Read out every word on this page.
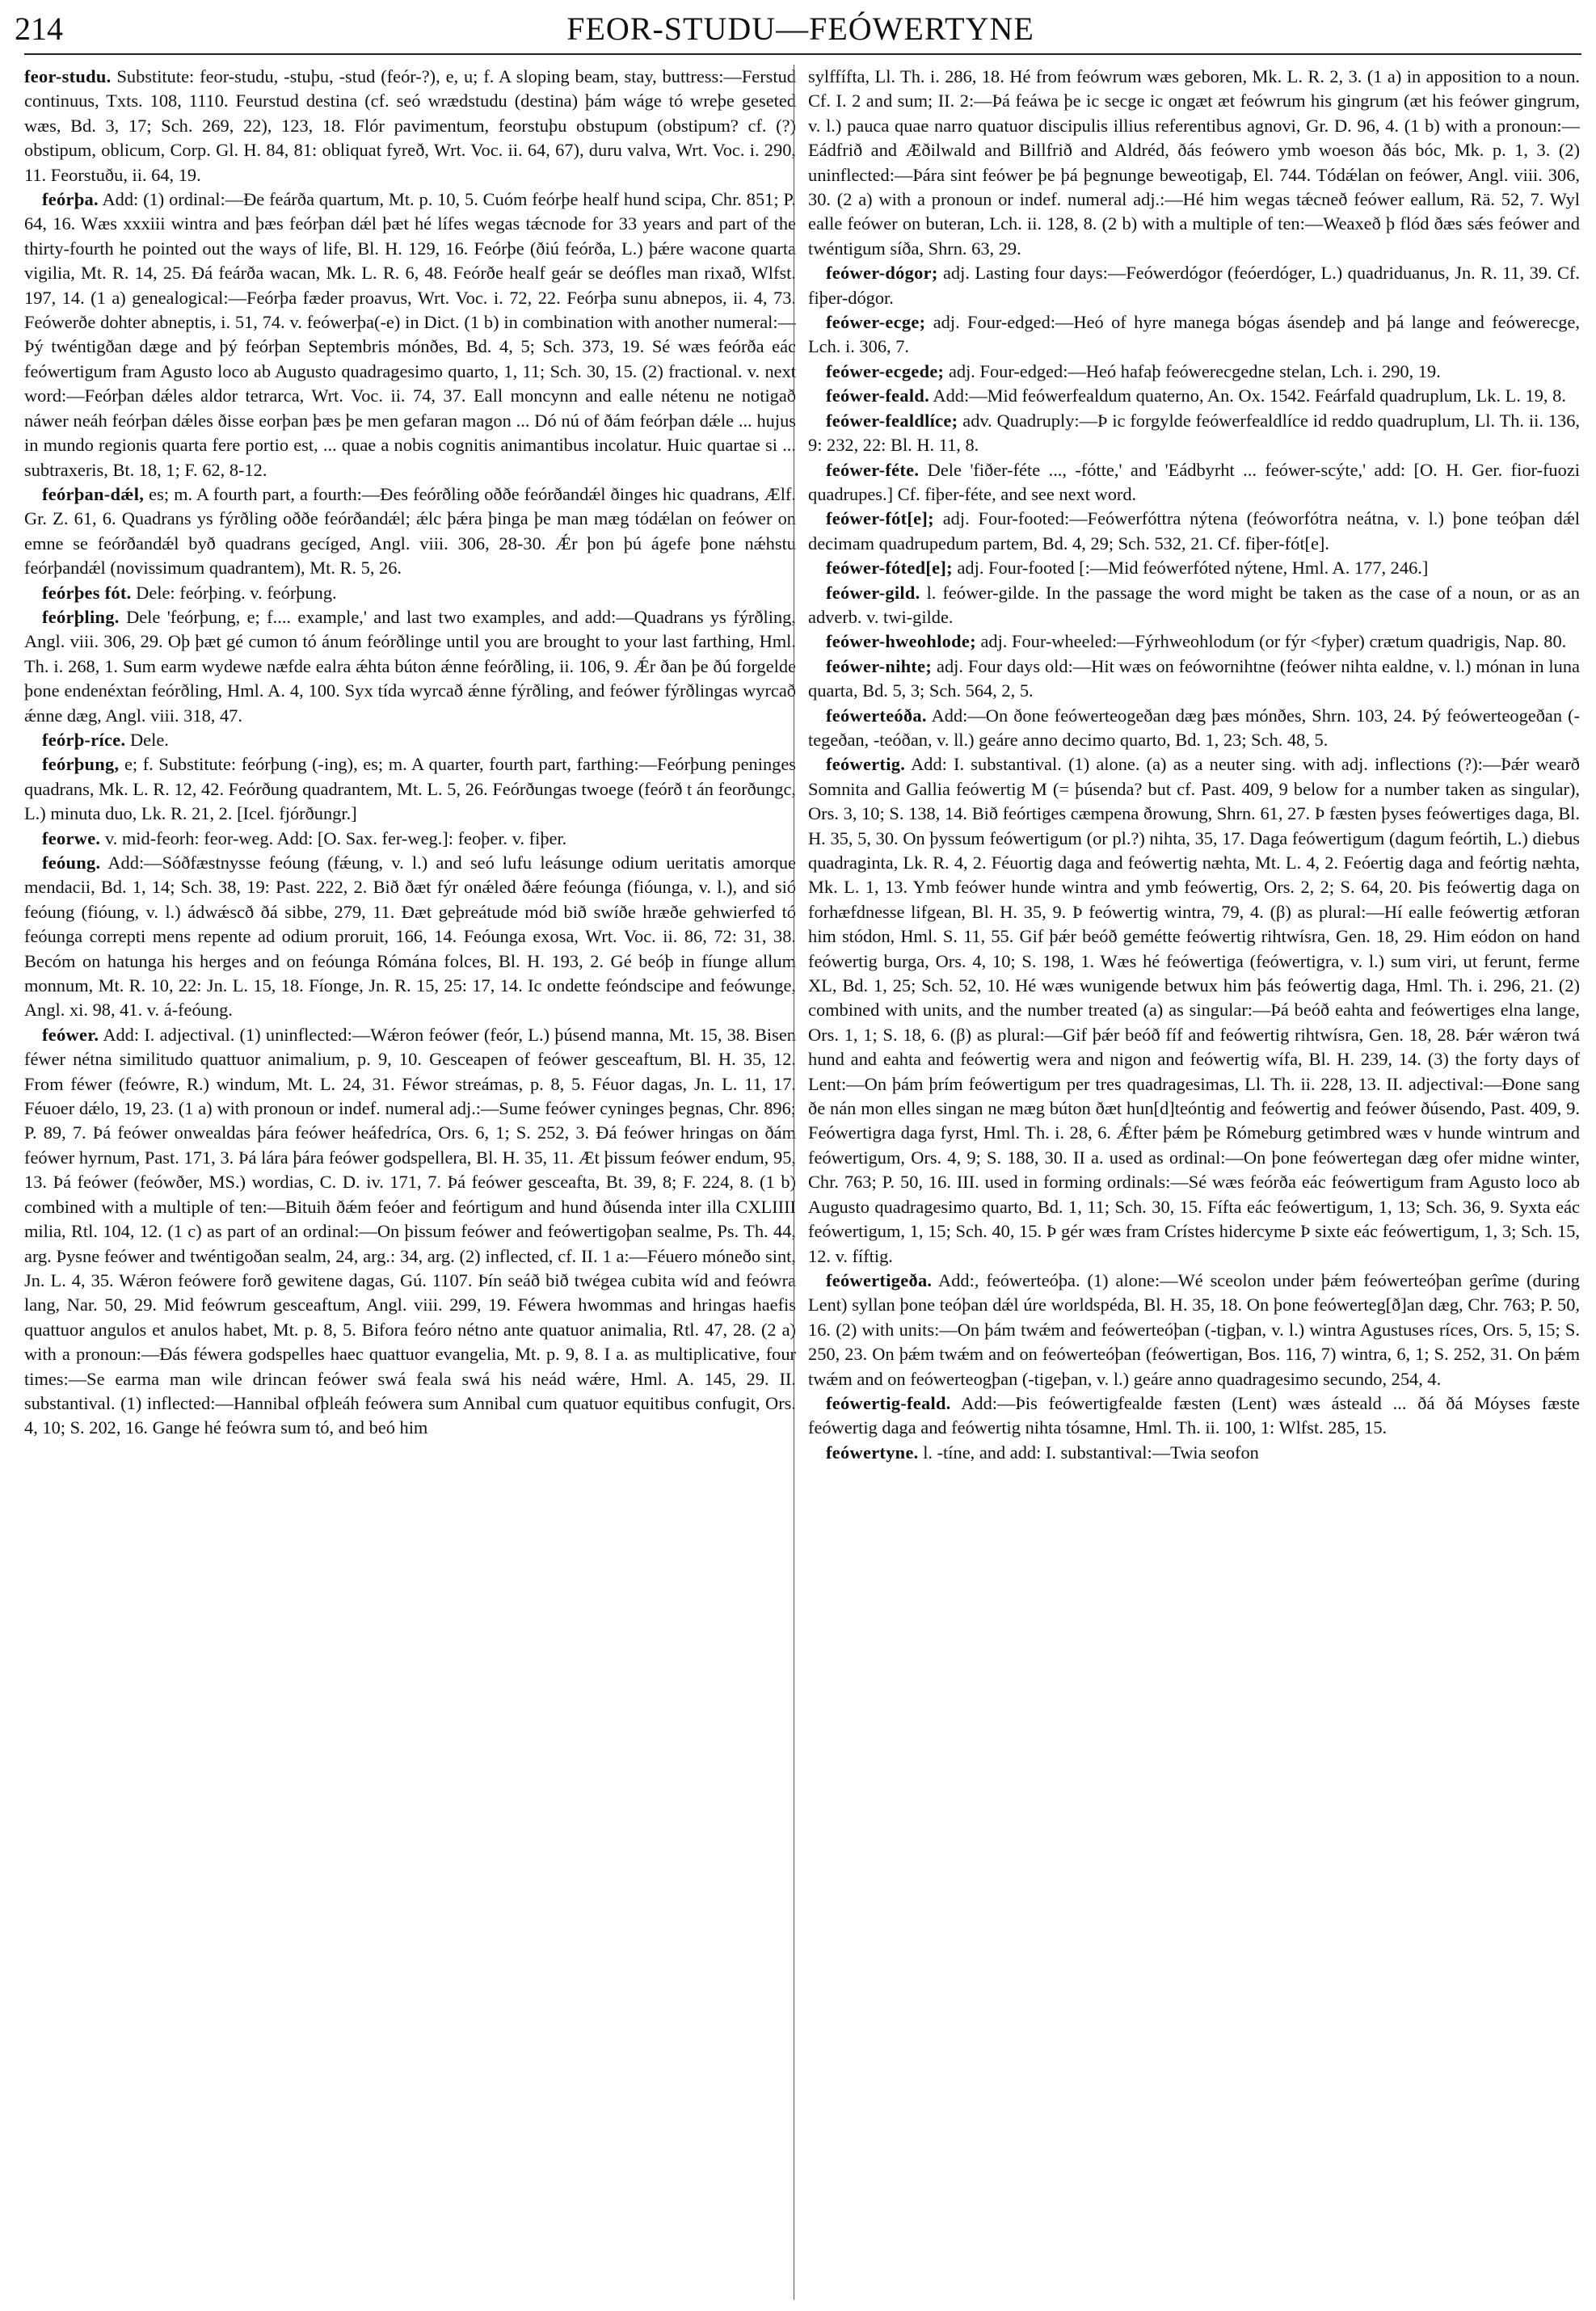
214	FEOR-STUDU—FEÓWERTYNE

feor-studu. Substitute: feor-studu, -stuþu, -stud (feór-?), e, u; f. A sloping beam, stay, buttress:—Ferstud continuus, Txts. 108, 1110. Feurstud destina (cf. seó wrædstudu (destina) þám wáge tó wreþe geseted wæs, Bd. 3, 17; Sch. 269, 22), 123, 18. Flór pavimentum, feorstuþu obstupum (obstipum? cf. (?) obstipum, oblicum, Corp. Gl. H. 84, 81: obliquat fyreð, Wrt. Voc. ii. 64, 67), duru valva, Wrt. Voc. i. 290, 11. Feorstuðu, ii. 64, 19.

feórþa. Add: (1) ordinal:—Ðe feárða quartum, Mt. p. 10, 5. Cuóm feórþe healf hund scipa, Chr. 851; P. 64, 16. Wæs xxxiii wintra and þæs feórþan dǽl þæt hé lífes wegas tǽcnode for 33 years and part of the thirty-fourth he pointed out the ways of life, Bl. H. 129, 16. Feórþe (ðiú feórða, L.) þǽre wacone quarta vigilia, Mt. R. 14, 25. Ðá feárða wacan, Mk. L. R. 6, 48. Feórðe healf geár se deófles man rixað, Wlfst. 197, 14. (1 a) genealogical:—Feórþa fæder proavus, Wrt. Voc. i. 72, 22. Feórþa sunu abnepos, ii. 4, 73. Feówerðe dohter abneptis, i. 51, 74. v. feówerþa(-e) in Dict. (1 b) in combination with another numeral:—Þý twéntigðan dæge and þý feórþan Septembris mónðes, Bd. 4, 5; Sch. 373, 19. Sé wæs feórða eác feówertigum fram Agusto loco ab Augusto quadragesimo quarto, 1, 11; Sch. 30, 15. (2) fractional. v. next word:—Feórþan dǽles aldor tetrarca, Wrt. Voc. ii. 74, 37. Eall moncynn and ealle nétenu ne notigað náwer neáh feórþan dǽles ðisse eorþan þæs þe men gefaran magon ... Dó nú of ðám feórþan dǽle ... hujus in mundo regionis quarta fere portio est, ... quae a nobis cognitis animantibus incolatur. Huic quartae si ... subtraxeris, Bt. 18, 1; F. 62, 8-12.

feórþan-dǽl, es; m. A fourth part, a fourth:—Ðes feórðling oððe feórðandǽl ðinges hic quadrans, Ælf. Gr. Z. 61, 6. Quadrans ys fýrðling oððe feórðandǽl; ǽlc þǽra þinga þe man mæg tódǽlan on feówer on emne se feórðandǽl byð quadrans gecíged, Angl. viii. 306, 28-30. Ǽr þon þú ágefe þone nǽhstu feórþandǽl (novissimum quadrantem), Mt. R. 5, 26.

feórþes fót. Dele: feórþing. v. feórþung.

feórþling. Dele 'feórþung, e; f.... example,' and last two examples, and add:—Quadrans ys fýrðling, Angl. viii. 306, 29. Oþ þæt gé cumon tó ánum feórðlinge until you are brought to your last farthing, Hml. Th. i. 268, 1. Sum earm wydewe næfde ealra ǽhta búton ǽnne feórðling, ii. 106, 9. Ǽr ðan þe ðú forgelde þone endenéxtan feórðling, Hml. A. 4, 100. Syx tída wyrcað ǽnne fýrðling, and feówer fýrðlingas wyrcað ǽnne dæg, Angl. viii. 318, 47.

feórþ-ríce. Dele.

feórþung, e; f. Substitute: feórþung (-ing), es; m. A quarter, fourth part, farthing:—Feórþung peninges quadrans, Mk. L. R. 12, 42. Feórðung quadrantem, Mt. L. 5, 26. Feórðungas twoege (feórð t án feorðungc, L.) minuta duo, Lk. R. 21, 2. [Icel. fjórðungr.]

feorwe. v. mid-feorh: feor-weg. Add: [O. Sax. fer-weg.]: feoþer. v. fiþer.

feóung. Add:—Sóðfæstnysse feóung (fǽung, v. l.) and seó lufu leásunge odium ueritatis amorque mendacii, Bd. 1, 14; Sch. 38, 19: Past. 222, 2. Bið ðæt fýr onǽled ðǽre feóunga (fióunga, v. l.), and sió feóung (fióung, v. l.) ádwǽscð ðá sibbe, 279, 11. Ðæt geþreátude mód bið swíðe hræðe gehwierfed tó feóunga correpti mens repente ad odium proruit, 166, 14. Feóunga exosa, Wrt. Voc. ii. 86, 72: 31, 38. Becóm on hatunga his herges and on feóunga Rómána folces, Bl. H. 193, 2. Gé beóþ in fíunge allum monnum, Mt. R. 10, 22: Jn. L. 15, 18. Fíonge, Jn. R. 15, 25: 17, 14. Ic ondette feóndscipe and feówunge, Angl. xi. 98, 41. v. á-feóung.

feówer. Add: I. adjectival. (1) uninflected:—Wǽron feówer (feór, L.) þúsend manna, Mt. 15, 38. Bisen féwer nétna similitudo quattuor animalium, p. 9, 10. Gesceapen of feówer gesceaftum, Bl. H. 35, 12. From féwer (feówre, R.) windum, Mt. L. 24, 31. Féwor streámas, p. 8, 5. Féuor dagas, Jn. L. 11, 17. Féuoer dǽlo, 19, 23. (1 a) with pronoun or indef. numeral adj.:—Sume feówer cyninges þegnas, Chr. 896; P. 89, 7. Þá feówer onwealdas þára feówer heáfedríca, Ors. 6, 1; S. 252, 3. Ðá feówer hringas on ðám feówer hyrnum, Past. 171, 3. Þá lára þára feówer godspellera, Bl. H. 35, 11. Æt þissum feówer endum, 95, 13. Þá feówer (feówðer, MS.) wordias, C. D. iv. 171, 7. Þá feówer gesceafta, Bt. 39, 8; F. 224, 8. (1 b) combined with a multiple of ten:—Bituih ðǽm feóer and feórtigum and hund ðúsenda inter illa CXLIIII milia, Rtl. 104, 12. (1 c) as part of an ordinal:—On þissum feówer and feówertigoþan sealme, Ps. Th. 44, arg. Þysne feówer and twéntigoðan sealm, 24, arg.: 34, arg. (2) inflected, cf. II. 1 a:—Féuero móneðo sint, Jn. L. 4, 35. Wǽron feówere forð gewitene dagas, Gú. 1107. Þín seáð bið twégea cubita wíd and feówra lang, Nar. 50, 29. Mid feówrum gesceaftum, Angl. viii. 299, 19. Féwera hwommas and hringas haefis quattuor angulos et anulos habet, Mt. p. 8, 5. Bifora feóro nétno ante quatuor animalia, Rtl. 47, 28. (2 a) with a pronoun:—Ðás féwera godspelles haec quattuor evangelia, Mt. p. 9, 8. I a. as multiplicative, four times:—Se earma man wile drincan feówer swá feala swá his neád wǽre, Hml. A. 145, 29. II. substantival. (1) inflected:—Hannibal ofþleáh feówera sum Annibal cum quatuor equitibus confugit, Ors. 4, 10; S. 202, 16. Gange hé feówra sum tó, and beó him

sylffífta, Ll. Th. i. 286, 18. Hé from feówrum wæs geboren, Mk. L. R. 2, 3. (1 a) in apposition to a noun. Cf. I. 2 and sum; II. 2:—Þá feáwa þe ic secge ic ongæt æt feówrum his gingrum (æt his feówer gingrum, v. l.) pauca quae narro quatuor discipulis illius referentibus agnovi, Gr. D. 96, 4. (1 b) with a pronoun:—Eádfrið and Æðilwald and Billfrið and Aldréd, ðás feówero ymb woeson ðás bóc, Mk. p. 1, 3. (2) uninflected:—Þára sint feówer þe þá þegnunge beweotigaþ, El. 744. Tódǽlan on feówer, Angl. viii. 306, 30. (2 a) with a pronoun or indef. numeral adj.:—Hé him wegas tǽcneð feówer eallum, Rä. 52, 7. Wyl ealle feówer on buteran, Lch. ii. 128, 8. (2 b) with a multiple of ten:—Weaxeð þ flód ðæs sǽs feówer and twéntigum síða, Shrn. 63, 29.

feówer-dógor; adj. Lasting four days:—Feówerdógor (feóerdóger, L.) quadriduanus, Jn. R. 11, 39. Cf. fiþer-dógor.

feówer-ecge; adj. Four-edged:—Heó of hyre manega bógas ásendeþ and þá lange and feówerecge, Lch. i. 306, 7.

feówer-ecgede; adj. Four-edged:—Heó hafaþ feówerecgedne stelan, Lch. i. 290, 19.

feówer-feald. Add:—Mid feówerfealdum quaterno, An. Ox. 1542. Feárfald quadruplum, Lk. L. 19, 8.

feówer-fealdlíce; adv. Quadruply:—Þ ic forgylde feówerfealdlíce id reddo quadruplum, Ll. Th. ii. 136, 9: 232, 22: Bl. H. 11, 8.

feówer-féte. Dele 'fiðer-féte ..., -fótte,' and 'Eádbyrht ... feówer-scýte,' add: [O. H. Ger. fior-fuozi quadrupes.] Cf. fiþer-féte, and see next word.

feówer-fót[e]; adj. Four-footed:—Feówerfóttra nýtena (feóworfótra neátna, v. l.) þone teóþan dǽl decimam quadrupedum partem, Bd. 4, 29; Sch. 532, 21. Cf. fiþer-fót[e].

feówer-fóted[e]; adj. Four-footed [:—Mid feówerfóted nýtene, Hml. A. 177, 246.]

feówer-gild. l. feówer-gilde. In the passage the word might be taken as the case of a noun, or as an adverb. v. twi-gilde.

feówer-hweohlode; adj. Four-wheeled:—Fýrhweohlodum (or fýr <fyþer) crætum quadrigis, Nap. 80.

feówer-nihte; adj. Four days old:—Hit wæs on feówornihtne (feówer nihta ealdne, v. l.) mónan in luna quarta, Bd. 5, 3; Sch. 564, 2, 5.

feówerteóða. Add:—On ðone feówerteogeðan dæg þæs mónðes, Shrn. 103, 24. Þý feówerteogeðan (-tegeðan, -teóðan, v. ll.) geáre anno decimo quarto, Bd. 1, 23; Sch. 48, 5.

feówertig. Add: I. substantival. (1) alone. (a) as a neuter sing. with adj. inflections (?):—Þǽr wearð Somnita and Gallia feówertig M (= þúsenda? but cf. Past. 409, 9 below for a number taken as singular), Ors. 3, 10; S. 138, 14. Bið feórtiges cæmpena ðrowung, Shrn. 61, 27. Þ fæsten þyses feówertiges daga, Bl. H. 35, 5, 30. On þyssum feówertigum (or pl.?) nihta, 35, 17. Daga feówertigum (dagum feórtih, L.) diebus quadraginta, Lk. R. 4, 2. Féuortig daga and feówertig næhta, Mt. L. 4, 2. Feóertig daga and feórtig næhta, Mk. L. 1, 13. Ymb feówer hunde wintra and ymb feówertig, Ors. 2, 2; S. 64, 20. Þis feówertig daga on forhæfdnesse lifgean, Bl. H. 35, 9. Þ feówertig wintra, 79, 4. (β) as plural:—Hí ealle feówertig ætforan him stódon, Hml. S. 11, 55. Gif þǽr beóð gemétte feówertig rihtwísra, Gen. 18, 29. Him eódon on hand feówertig burga, Ors. 4, 10; S. 198, 1. Wæs hé feówertiga (feówertigra, v. l.) sum viri, ut ferunt, ferme XL, Bd. 1, 25; Sch. 52, 10. Hé wæs wunigende betwux him þás feówertig daga, Hml. Th. i. 296, 21. (2) combined with units, and the number treated (a) as singular:—Þá beóð eahta and feówertiges elna lange, Ors. 1, 1; S. 18, 6. (β) as plural:—Gif þǽr beóð fíf and feówertig rihtwísra, Gen. 18, 28. Þǽr wǽron twá hund and eahta and feówertig wera and nigon and feówertig wífa, Bl. H. 239, 14. (3) the forty days of Lent:—On þám þrím feówertigum per tres quadragesimas, Ll. Th. ii. 228, 13. II. adjectival:—Ðone sang ðe nán mon elles singan ne mæg búton ðæt hun[d]teóntig and feówertig and feówer ðúsendo, Past. 409, 9. Feówertigra daga fyrst, Hml. Th. i. 28, 6. Ǽfter þǽm þe Rómeburg getimbred wæs v hunde wintrum and feówertigum, Ors. 4, 9; S. 188, 30. II a. used as ordinal:—On þone feówertegan dæg ofer midne winter, Chr. 763; P. 50, 16. III. used in forming ordinals:—Sé wæs feórða eác feówertigum fram Agusto loco ab Augusto quadragesimo quarto, Bd. 1, 11; Sch. 30, 15. Fífta eác feówertigum, 1, 13; Sch. 36, 9. Syxta eác feówertigum, 1, 15; Sch. 40, 15. Þ gér wæs fram Crístes hidercyme Þ sixte eác feówertigum, 1, 3; Sch. 15, 12. v. fíftig.

feówertigeða. Add:, feówerteóþa. (1) alone:—Wé sceolon under þǽm feówerteóþan gerîme (during Lent) syllan þone teóþan dǽl úre worldspéda, Bl. H. 35, 18. On þone feówerteg[ð]an dæg, Chr. 763; P. 50, 16. (2) with units:—On þám twǽm and feówerteóþan (-tigþan, v. l.) wintra Agustuses ríces, Ors. 5, 15; S. 250, 23. On þǽm twǽm and on feówerteóþan (feówertigan, Bos. 116, 7) wintra, 6, 1; S. 252, 31. On þǽm twǽm and on feówerteogþan (-tigeþan, v. l.) geáre anno quadragesimo secundo, 254, 4.

feówertig-feald. Add:—Þis feówertigfealde fæsten (Lent) wæs ásteald ... ðá ðá Móyses fæste feówertig daga and feówertig nihta tósamne, Hml. Th. ii. 100, 1: Wlfst. 285, 15.

feówertyne. l. -tíne, and add: I. substantival:—Twia seofon
